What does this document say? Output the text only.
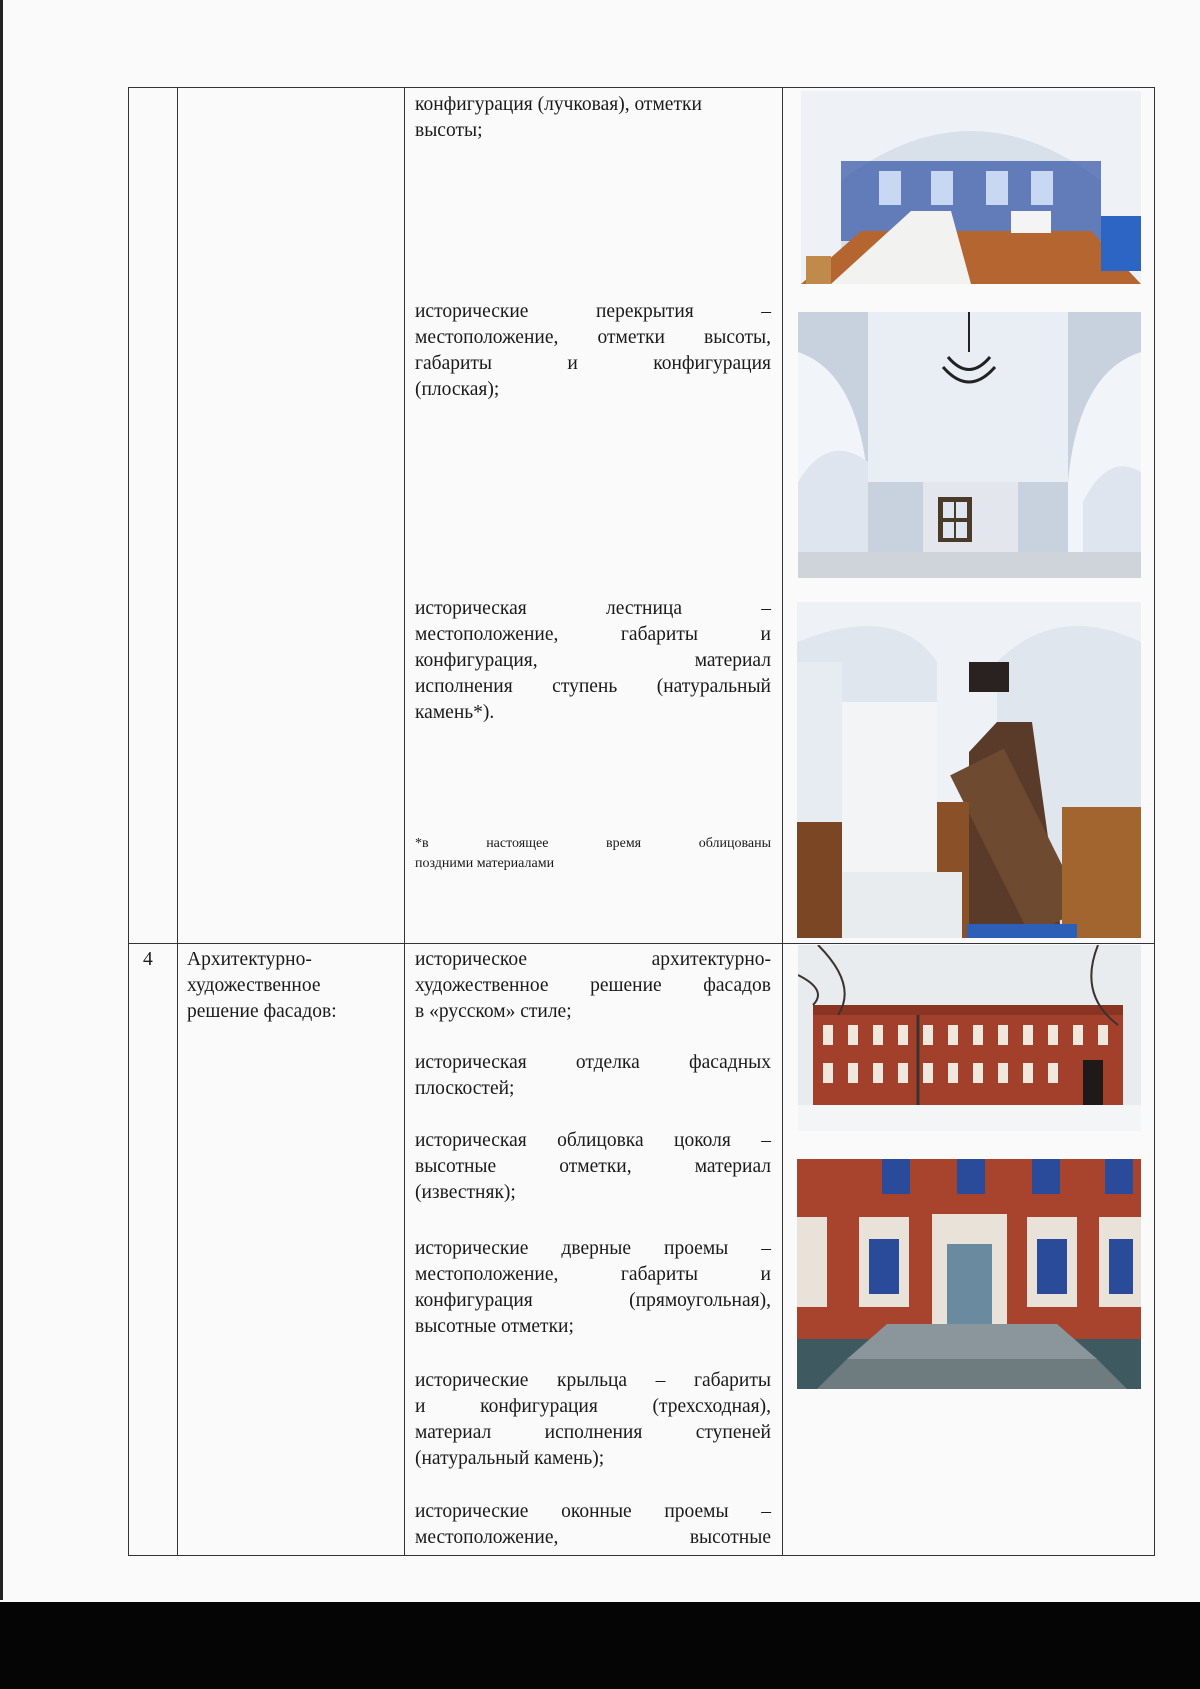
конфигурация (лучковая), отметки
высоты;
исторические перекрытия –
местоположение, отметки высоты,
габариты и конфигурация
(плоская);
историческая лестница –
местоположение, габариты и
конфигурация, материал
исполнения ступень (натуральный
камень*).
*в настоящее время облицованы
поздними материалами
4	Архитектурно-
художественное
решение фасадов:
историческое архитектурно-
художественное решение фасадов
в «русском» стиле;
историческая отделка фасадных
плоскостей;
историческая облицовка цоколя –
высотные отметки, материал
(известняк);
исторические дверные проемы –
местоположение, габариты и
конфигурация (прямоугольная),
высотные отметки;
исторические крыльца – габариты
и конфигурация (трехсходная),
материал исполнения ступеней
(натуральный камень);
исторические оконные проемы –
местоположение, высотные
